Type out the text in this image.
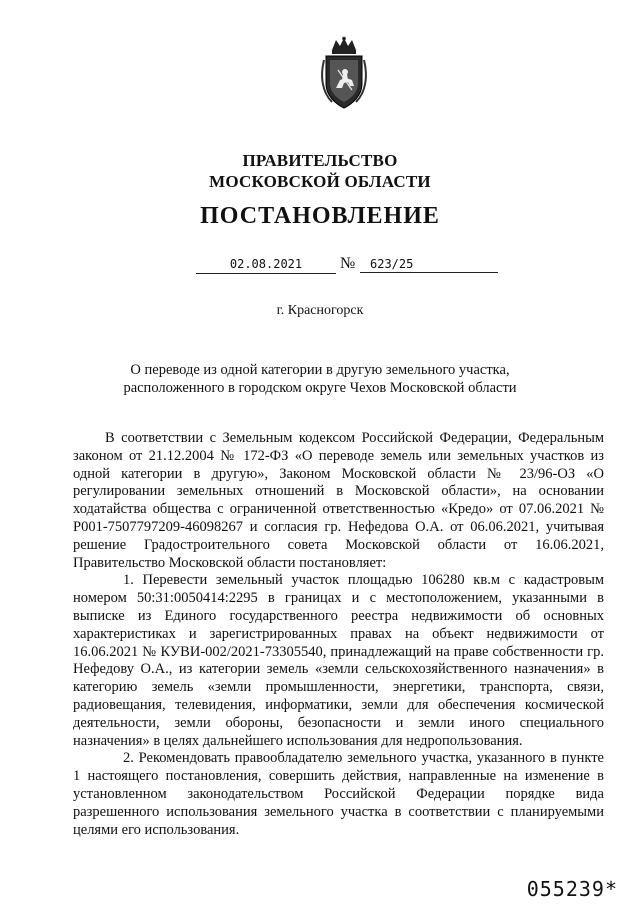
ПРАВИТЕЛЬСТВО
МОСКОВСКОЙ ОБЛАСТИ
ПОСТАНОВЛЕНИЕ
02.08.2021	№	623/25
г. Красногорск
О переводе из одной категории в другую земельного участка,
расположенного в городском округе Чехов Московской области

В соответствии с Земельным кодексом Российской Федерации, Федеральным законом от 21.12.2004 № 172-ФЗ «О переводе земель или земельных участков из одной категории в другую», Законом Московской области № 23/96-ОЗ «О регулировании земельных отношений в Московской области», на основании ходатайства общества с ограниченной ответственностью «Кредо» от 07.06.2021 № Р001-7507797209-46098267 и согласия гр. Нефедова О.А. от 06.06.2021, учитывая решение Градостроительного совета Московской области от 16.06.2021, Правительство Московской области постановляет:

1. Перевести земельный участок площадью 106280 кв.м с кадастровым номером 50:31:0050414:2295 в границах и с местоположением, указанными в выписке из Единого государственного реестра недвижимости об основных характеристиках и зарегистрированных правах на объект недвижимости от 16.06.2021 № КУВИ-002/2021-73305540, принадлежащий на праве собственности гр. Нефедову О.А., из категории земель «земли сельскохозяйственного назначения» в категорию земель «земли промышленности, энергетики, транспорта, связи, радиовещания, телевидения, информатики, земли для обеспечения космической деятельности, земли обороны, безопасности и земли иного специального назначения» в целях дальнейшего использования для недропользования.

2. Рекомендовать правообладателю земельного участка, указанного в пункте 1 настоящего постановления, совершить действия, направленные на изменение в установленном законодательством Российской Федерации порядке вида разрешенного использования земельного участка в соответствии с планируемыми целями его использования.

055239*
